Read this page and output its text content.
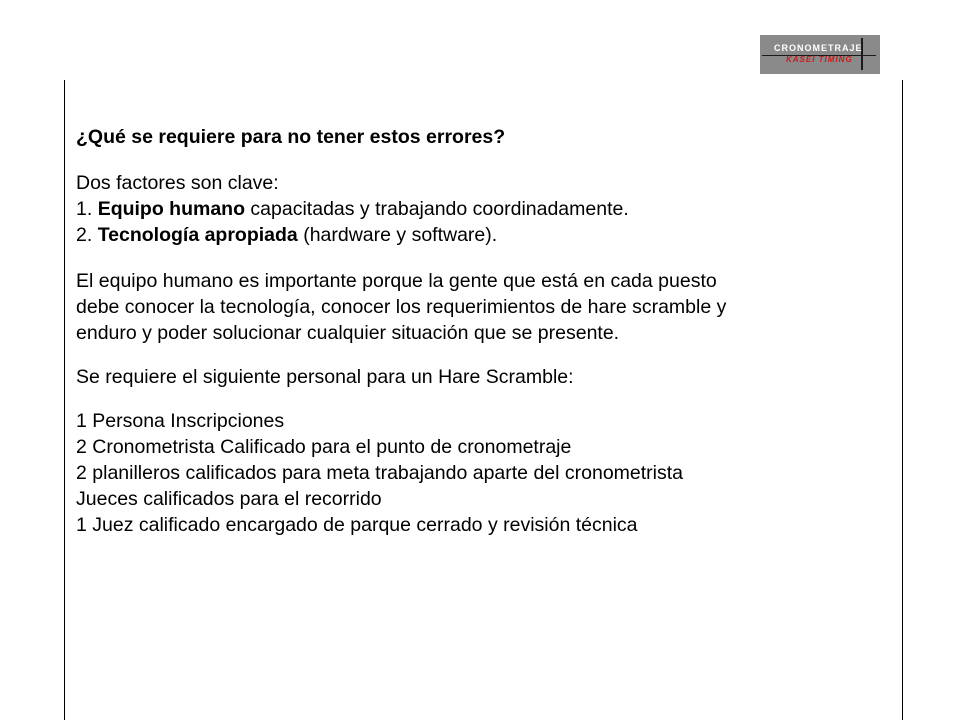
CRONOMETRAJE
KASEI TIMING

¿Qué se requiere para no tener estos errores?

Dos factores son clave:

1. Equipo humano capacitadas y trabajando coordinadamente.

2. Tecnología apropiada (hardware y software).

El equipo humano es importante porque la gente que está en cada puesto

debe conocer la tecnología, conocer los requerimientos de hare scramble y

enduro y poder solucionar cualquier situación que se presente.

Se requiere el siguiente personal para un Hare Scramble:

1 Persona Inscripciones

2 Cronometrista Calificado para el punto de cronometraje

2 planilleros calificados para meta trabajando aparte del cronometrista

Jueces calificados para el recorrido

1 Juez calificado encargado de parque cerrado y revisión técnica
